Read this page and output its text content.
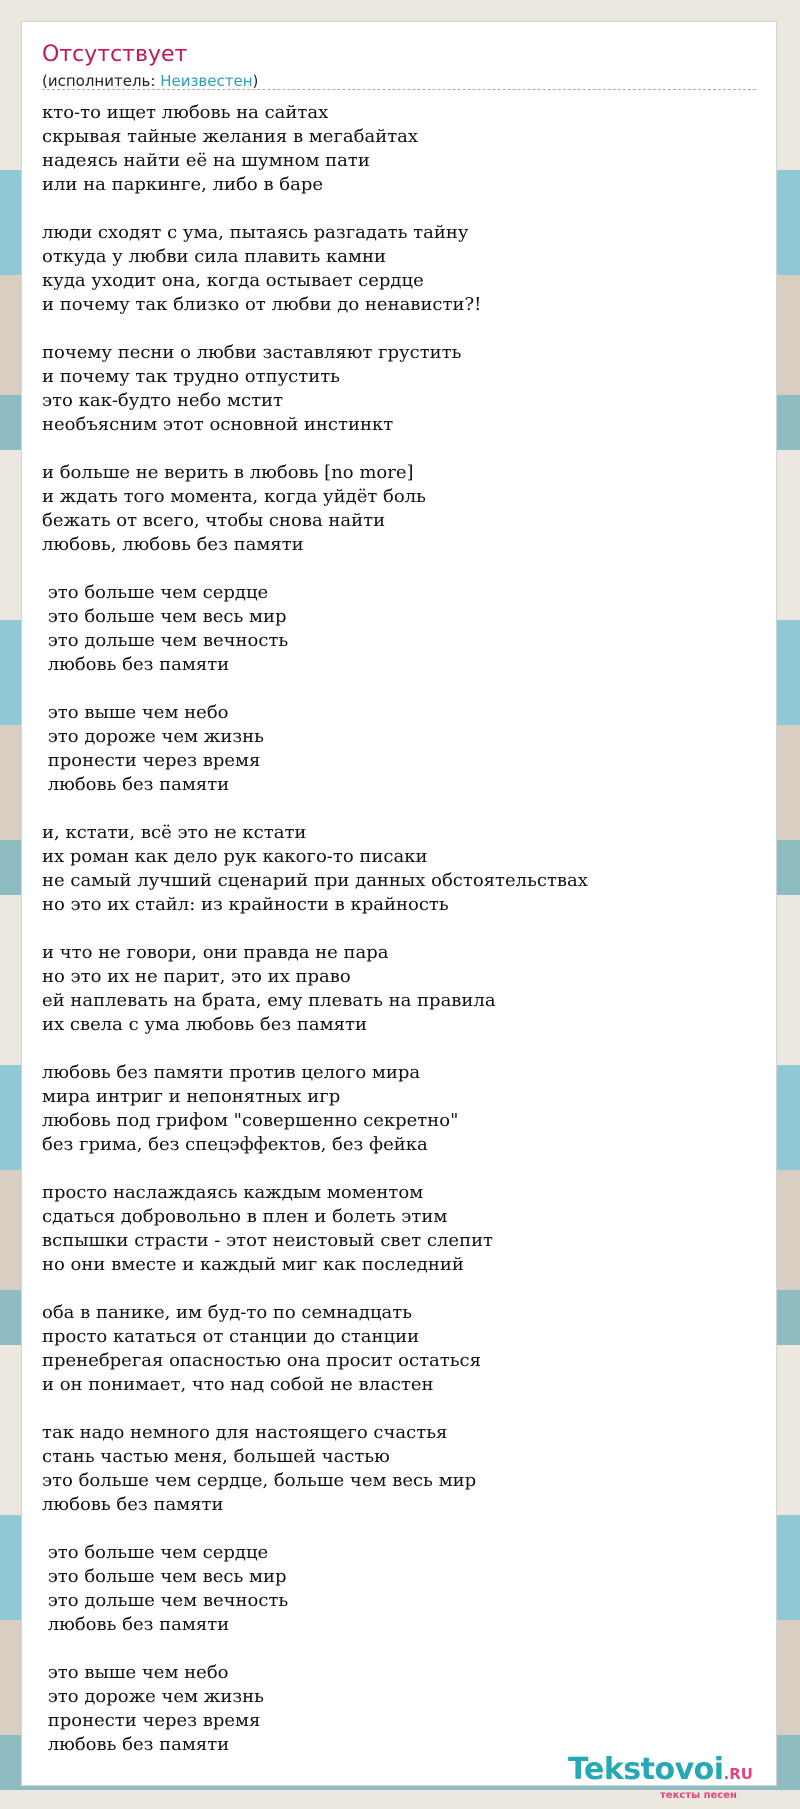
Отсутствует
(исполнитель: Неизвестен)
кто-то ищет любовь на сайтах
скрывая тайные желания в мегабайтах
надеясь найти её на шумном пати
или на паркинге, либо в баре
люди сходят с ума, пытаясь разгадать тайну
откуда у любви сила плавить камни
куда уходит она, когда остывает сердце
и почему так близко от любви до ненависти?!
почему песни о любви заставляют грустить
и почему так трудно отпустить
это как-будто небо мстит
необъясним этот основной инстинкт
и больше не верить в любовь [no more]
и ждать того момента, когда уйдёт боль
бежать от всего, чтобы снова найти
любовь, любовь без памяти
это больше чем сердце
это больше чем весь мир
это дольше чем вечность
любовь без памяти
это выше чем небо
это дороже чем жизнь
пронести через время
любовь без памяти
и, кстати, всё это не кстати
их роман как дело рук какого-то писаки
не самый лучший сценарий при данных обстоятельствах
но это их стайл: из крайности в крайность
и что не говори, они правда не пара
но это их не парит, это их право
ей наплевать на брата, ему плевать на правила
их свела с ума любовь без памяти
любовь без памяти против целого мира
мира интриг и непонятных игр
любовь под грифом "совершенно секретно"
без грима, без спецэффектов, без фейка
просто наслаждаясь каждым моментом
сдаться добровольно в плен и болеть этим
вспышки страсти - этот неистовый свет слепит
но они вместе и каждый миг как последний
оба в панике, им буд-то по семнадцать
просто кататься от станции до станции
пренебрегая опасностью она просит остаться
и он понимает, что над собой не властен
так надо немного для настоящего счастья
стань частью меня, большей частью
это больше чем сердце, больше чем весь мир
любовь без памяти
это больше чем сердце
это больше чем весь мир
это дольше чем вечность
любовь без памяти
это выше чем небо
это дороже чем жизнь
пронести через время
любовь без памяти
Tekstovoi.RU
тексты песен
